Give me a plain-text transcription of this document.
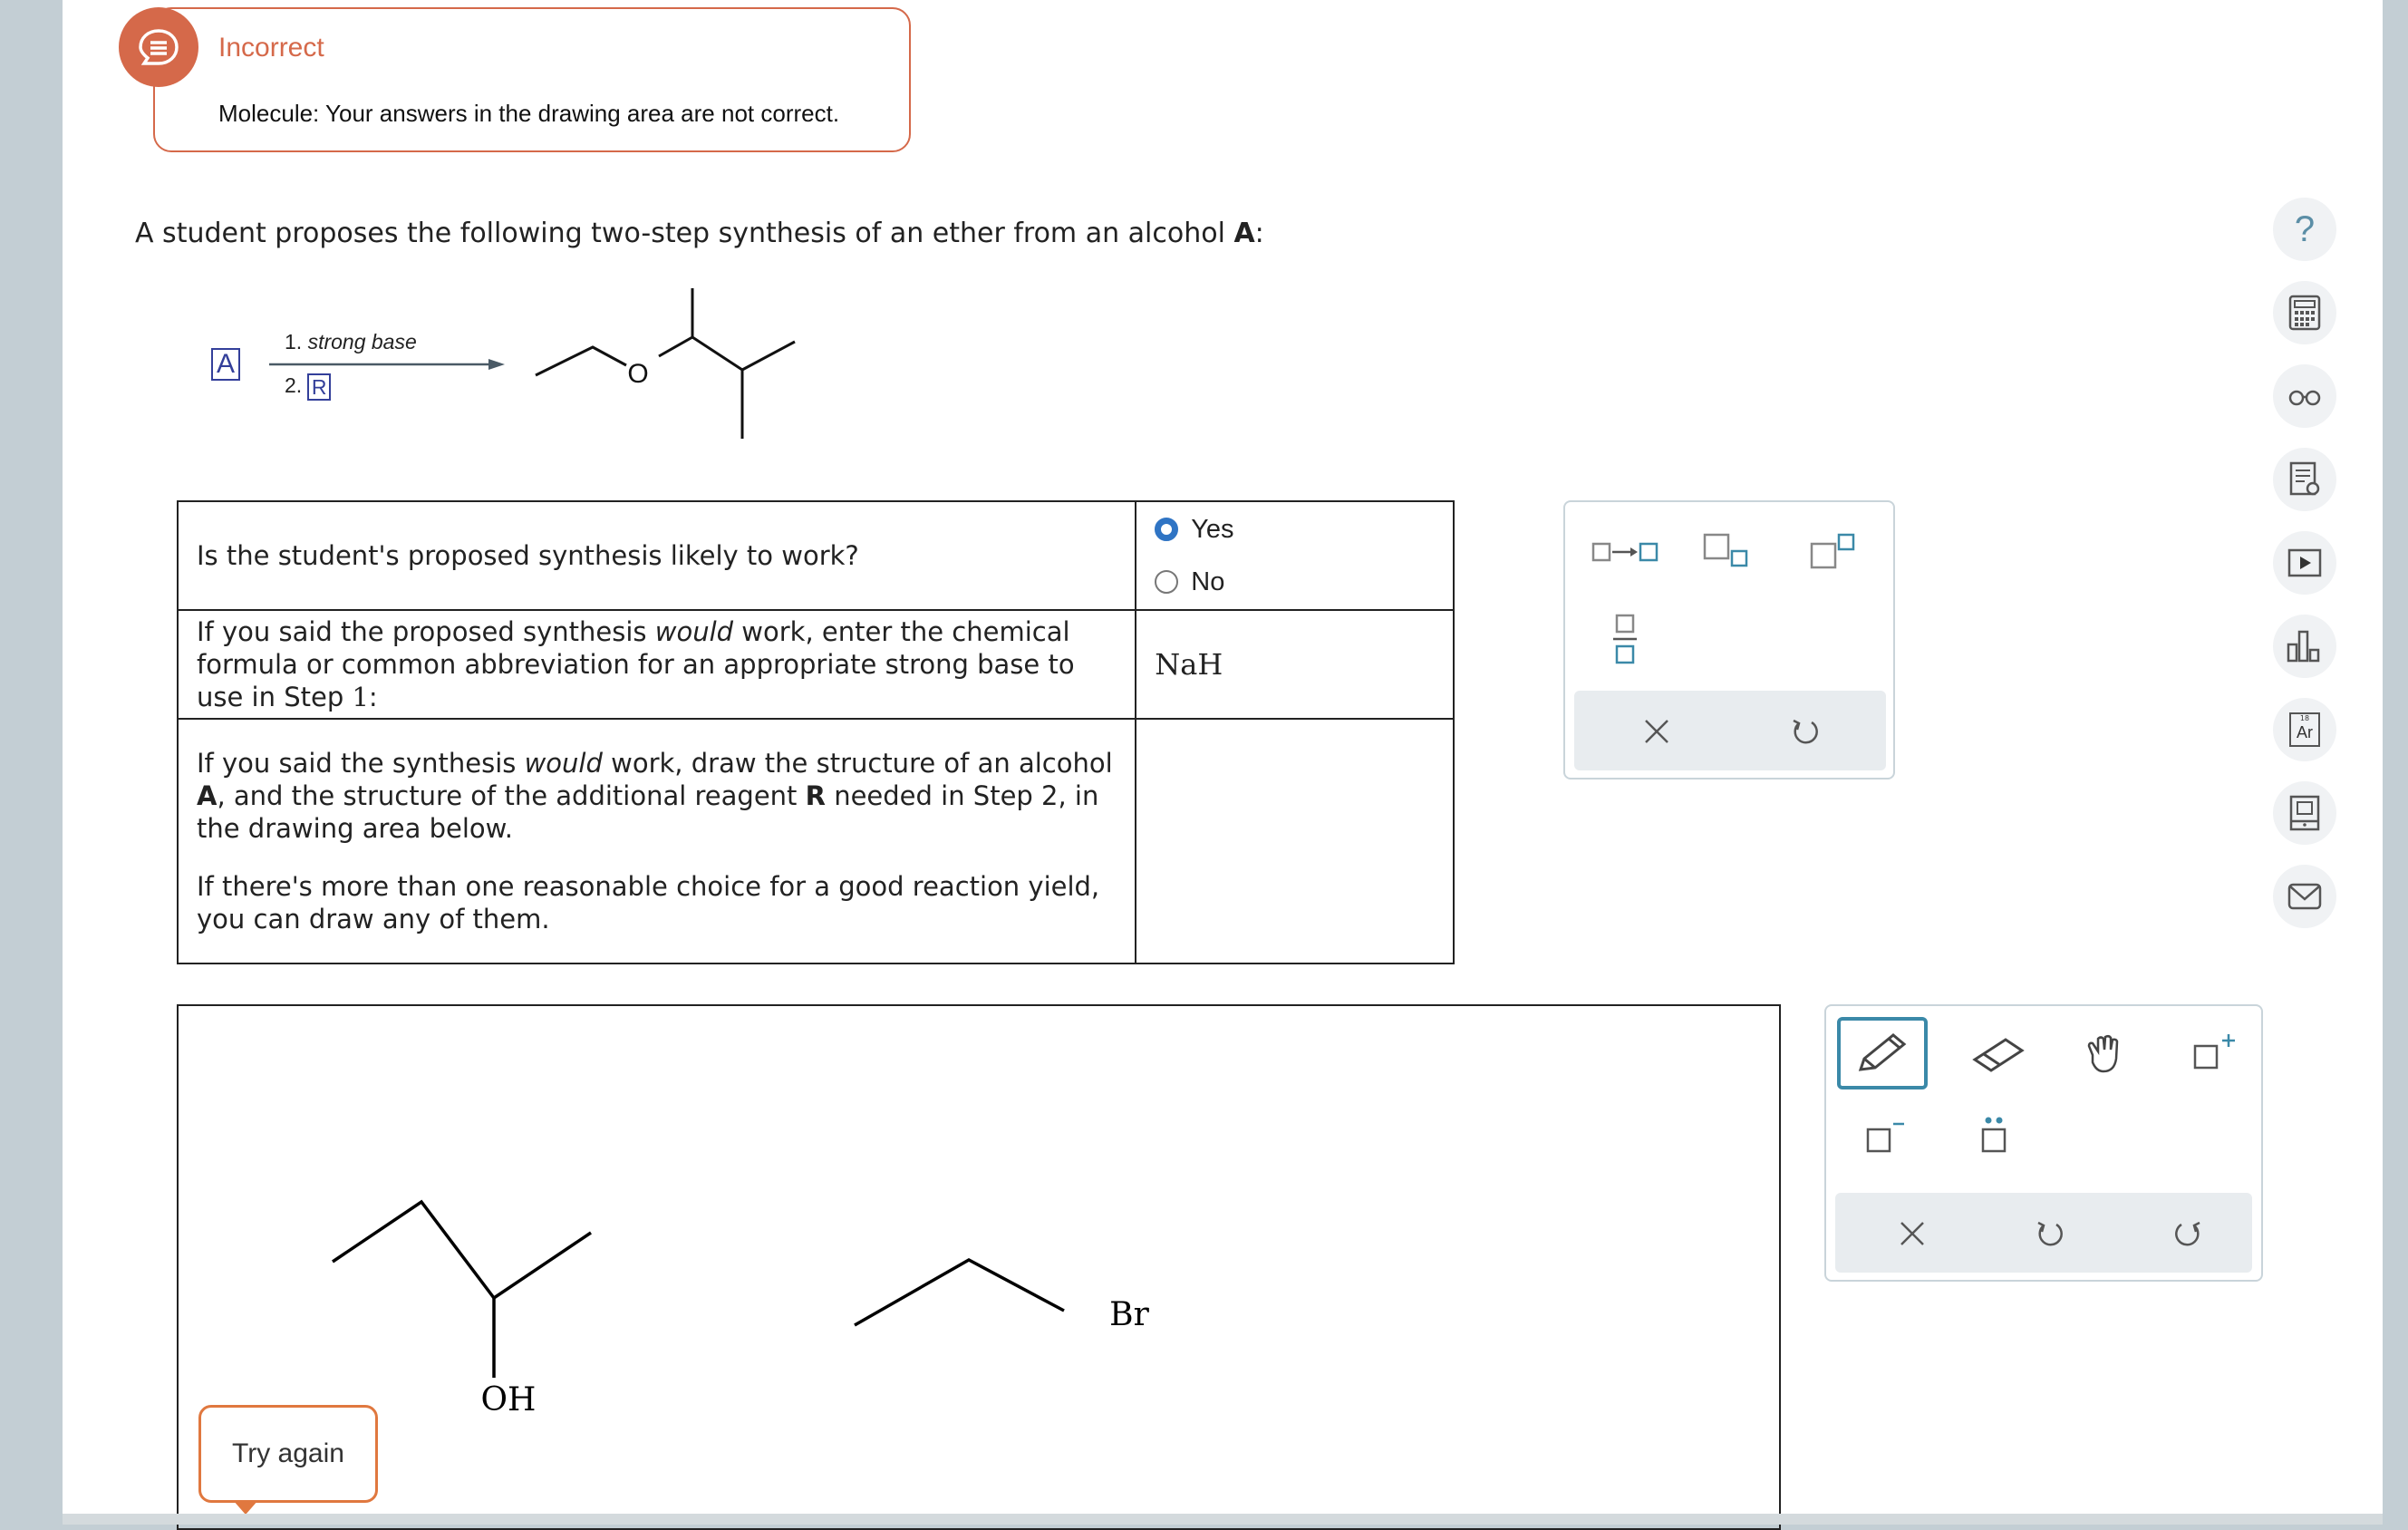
Incorrect
Molecule: Your answers in the drawing area are not correct.
A student proposes the following two-step synthesis of an ether from an alcohol A:
A
1. strong base
2. R	O
Is the student's proposed synthesis likely to work?	Yes
No

If you said the proposed synthesis would work, enter the chemical formula or common abbreviation for an appropriate strong base to use in Step 1:	NaH

If you said the synthesis would work, draw the structure of an alcohol A, and the structure of the additional reagent R needed in Step 2, in the drawing area below.
If there's more than one reasonable choice for a good reaction yield, you can draw any of them.	

OH
Br
Try again
?
18
Ar
